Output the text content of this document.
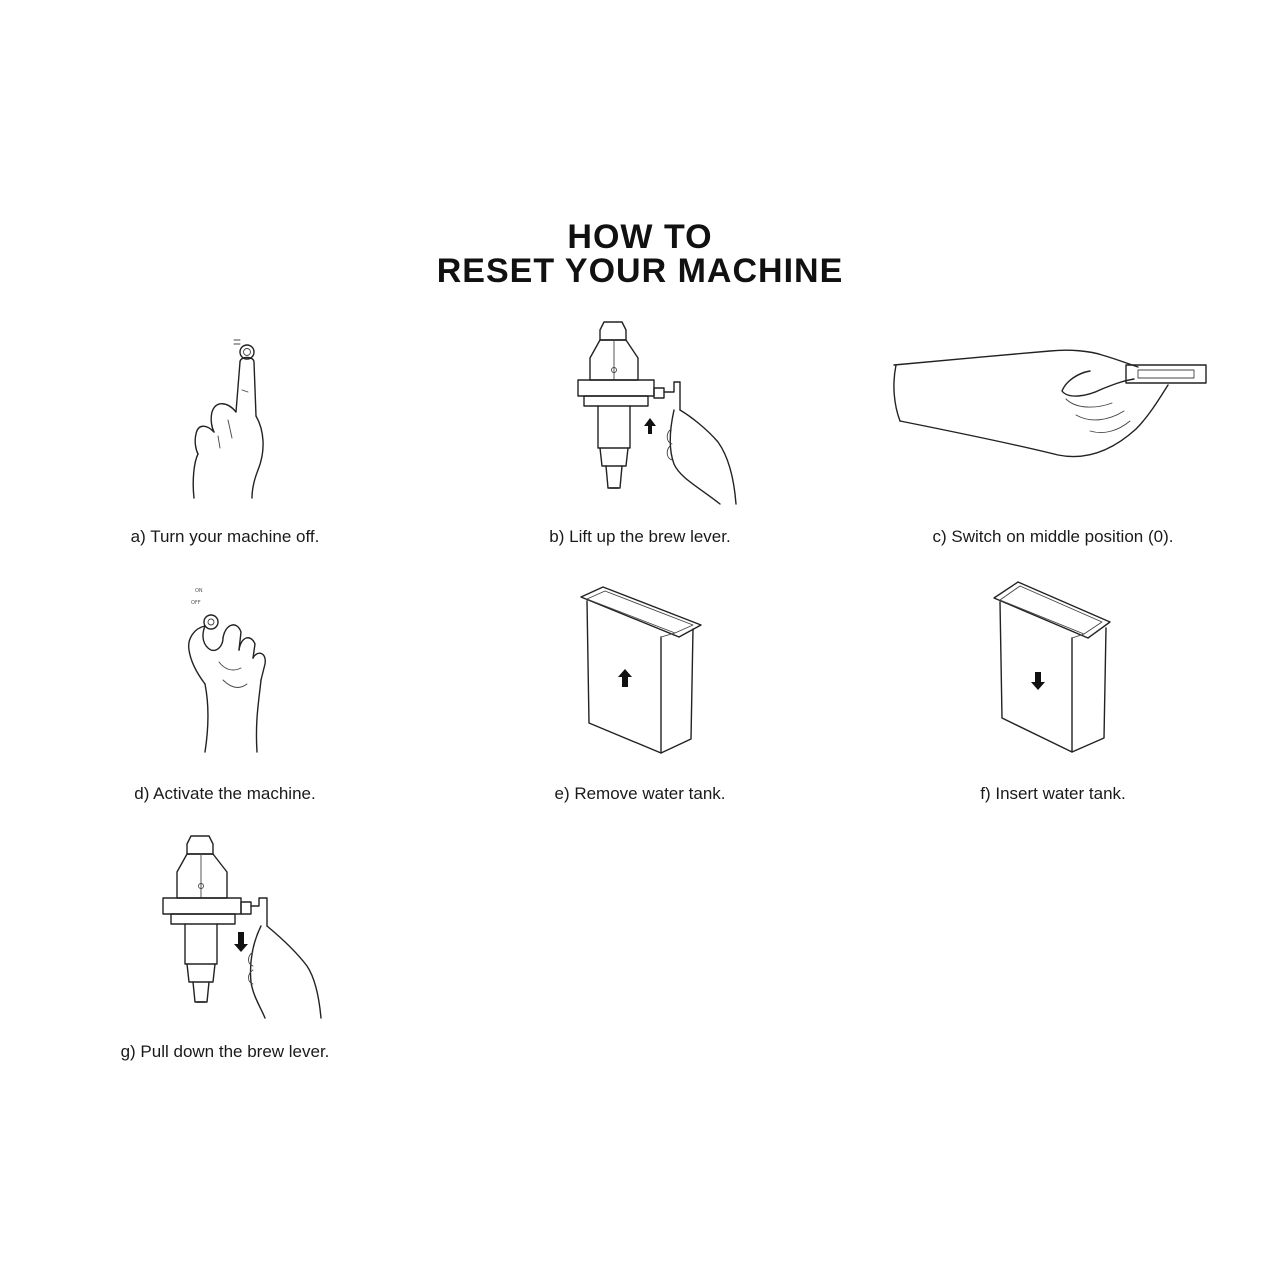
HOW TO
RESET YOUR MACHINE
a) Turn your machine off.	b) Lift up the brew lever.	c) Switch on middle position (0).
ON
OFF
d) Activate the machine.	e) Remove water tank.	f) Insert water tank.
g) Pull down the brew lever.
